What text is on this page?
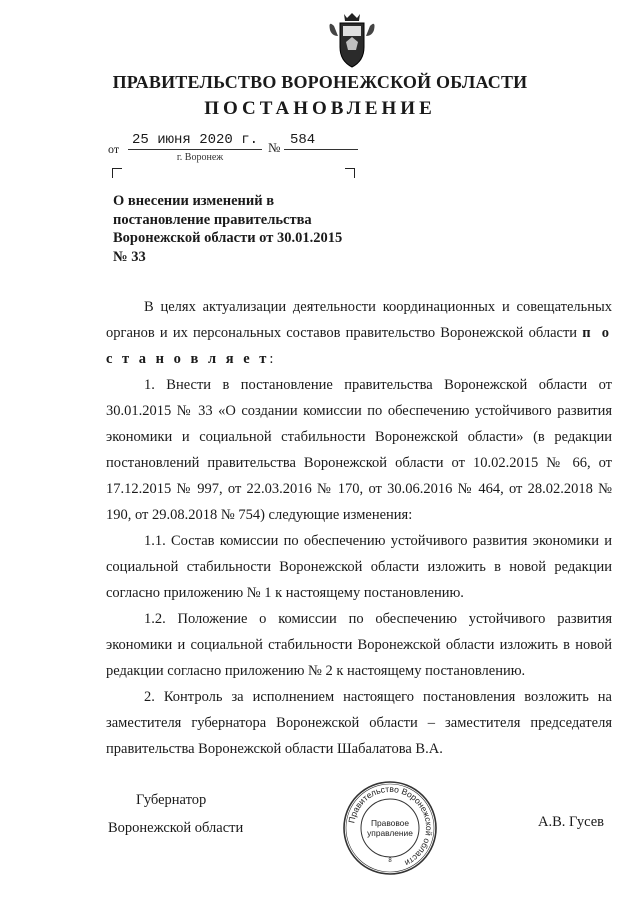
ПРАВИТЕЛЬСТВО ВОРОНЕЖСКОЙ ОБЛАСТИ
ПОСТАНОВЛЕНИЕ
от
25 июня 2020 г. № 584
г. Воронеж
О внесении изменений в
постановление правительства
Воронежской области от 30.01.2015
№ 33

В целях актуализации деятельности координационных и совещательных органов и их персональных составов правительство Воронежской области п о с т а н о в л я е т:

1. Внести в постановление правительства Воронежской области от 30.01.2015 № 33 «О создании комиссии по обеспечению устойчивого развития экономики и социальной стабильности Воронежской области» (в редакции постановлений правительства Воронежской области от 10.02.2015 № 66, от 17.12.2015 № 997, от 22.03.2016 № 170, от 30.06.2016 № 464, от 28.02.2018 № 190, от 29.08.2018 № 754) следующие изменения:

1.1. Состав комиссии по обеспечению устойчивого развития экономики и социальной стабильности Воронежской области изложить в новой редакции согласно приложению № 1 к настоящему постановлению.

1.2. Положение о комиссии по обеспечению устойчивого развития экономики и социальной стабильности Воронежской области изложить в новой редакции согласно приложению № 2 к настоящему постановлению.

2. Контроль за исполнением настоящего постановления возложить на заместителя губернатора Воронежской области – заместителя председателя правительства Воронежской области Шабалатова В.А.

Губернатор
Воронежской области	А.В. Гусев
Правительство Воронежской области
Правовое
управление
8
